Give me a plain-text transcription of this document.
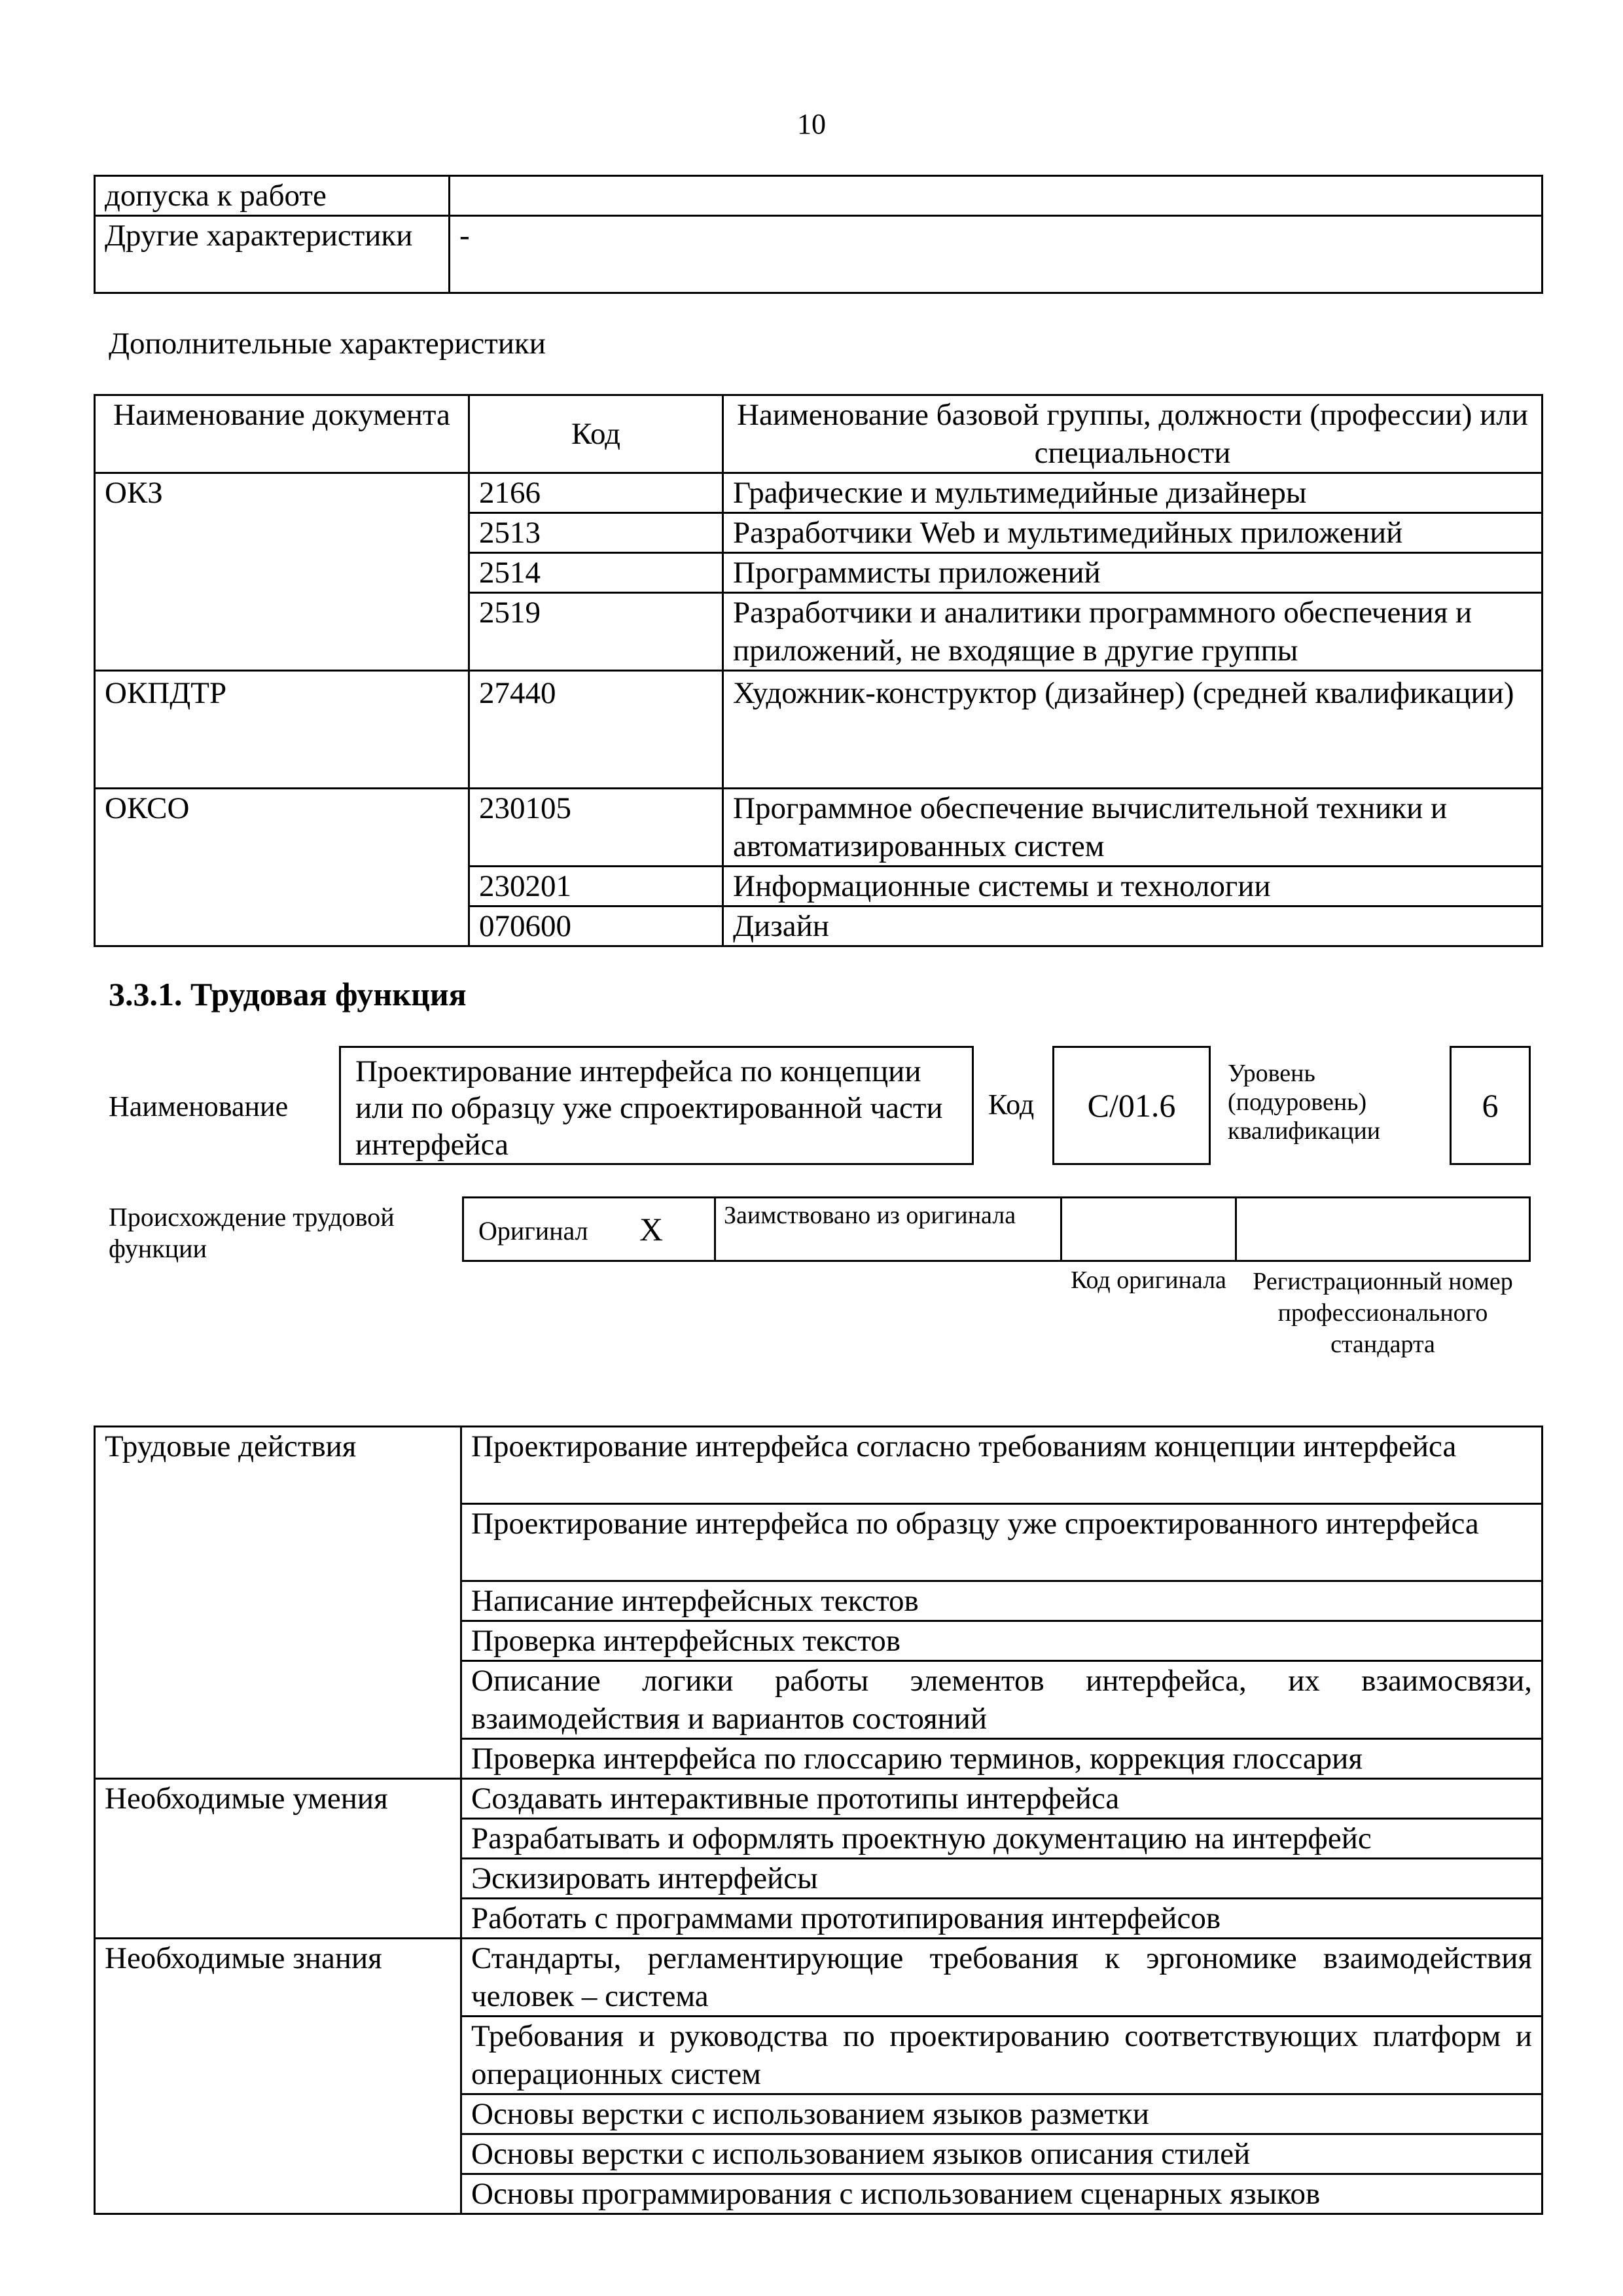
10
допуска к работе	
Другие характеристики	-
Дополнительные характеристики
Наименование документа	Код	Наименование базовой группы, должности (профессии) или специальности
ОКЗ	2166	Графические и мультимедийные дизайнеры
	2513	Разработчики Web и мультимедийных приложений
	2514	Программисты приложений
	2519	Разработчики и аналитики программного обеспечения и приложений, не входящие в другие группы
ОКПДТР	27440	Художник-конструктор (дизайнер) (средней квалификации)
ОКСО	230105	Программное обеспечение вычислительной техники и автоматизированных систем
	230201	Информационные системы и технологии
	070600	Дизайн
3.3.1. Трудовая функция
Наименование
Проектирование интерфейса по концепции или по образцу уже спроектированной части интерфейса
Код C/01.6
Уровень (подуровень) квалификации
6
Происхождение трудовой функции
Оригинал X	Заимствовано из оригинала
Код оригинала	Регистрационный номер профессионального стандарта
Трудовые действия	Проектирование интерфейса согласно требованиям концепции интерфейса
	Проектирование интерфейса по образцу уже спроектированного интерфейса
	Написание интерфейсных текстов
	Проверка интерфейсных текстов
	Описание логики работы элементов интерфейса, их взаимосвязи, взаимодействия и вариантов состояний
	Проверка интерфейса по глоссарию терминов, коррекция глоссария
Необходимые умения	Создавать интерактивные прототипы интерфейса
	Разрабатывать и оформлять проектную документацию на интерфейс
	Эскизировать интерфейсы
	Работать с программами прототипирования интерфейсов
Необходимые знания	Стандарты, регламентирующие требования к эргономике взаимодействия человек – система
	Требования и руководства по проектированию соответствующих платформ и операционных систем
	Основы верстки с использованием языков разметки
	Основы верстки с использованием языков описания стилей
	Основы программирования с использованием сценарных языков
